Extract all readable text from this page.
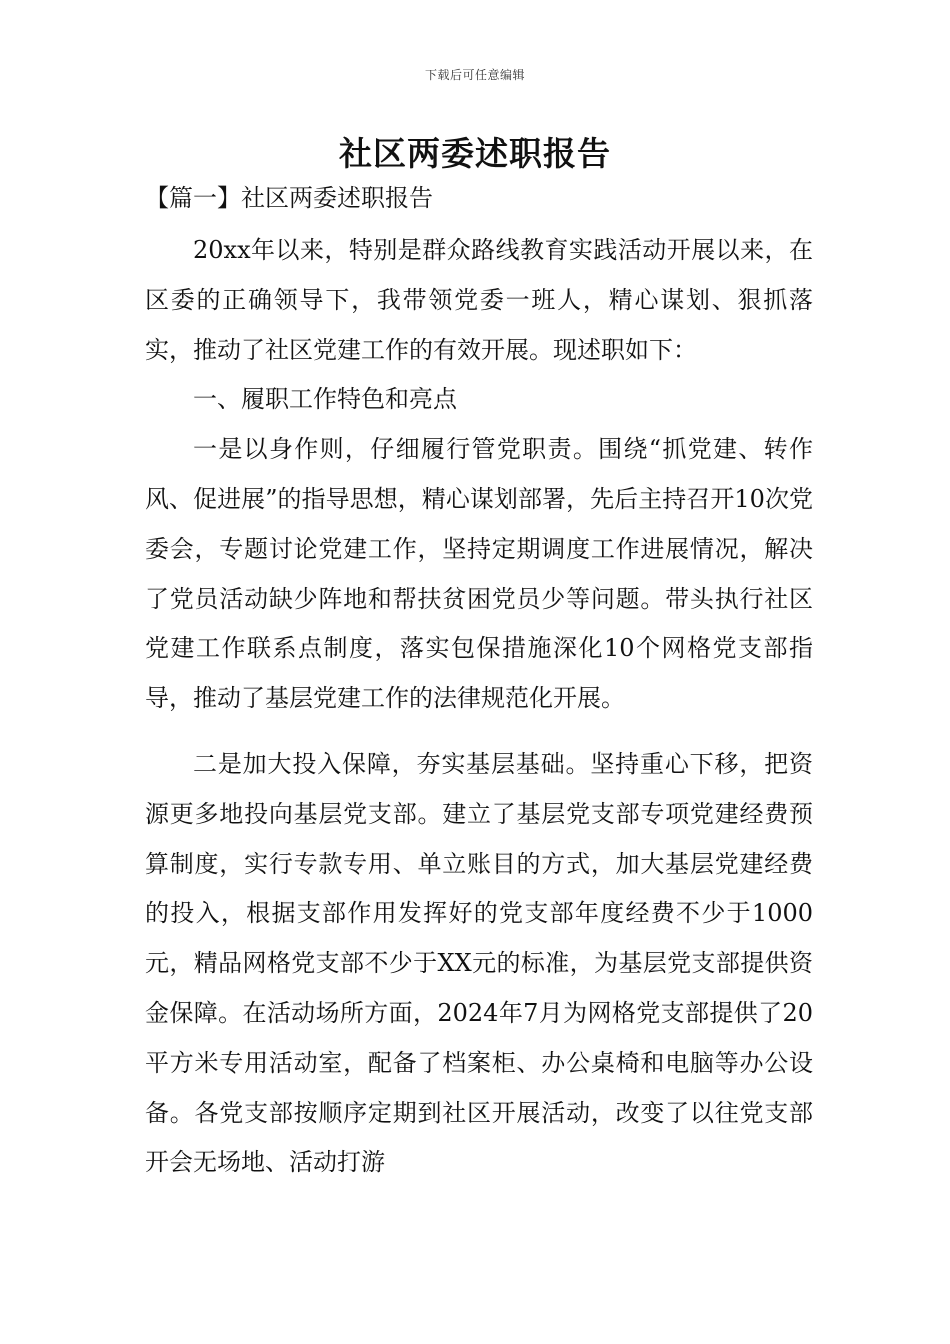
下载后可任意编辑
社区两委述职报告

【篇一】社区两委述职报告

20xx年以来，特别是群众路线教育实践活动开展以来，在区委的正确领导下，我带领党委一班人，精心谋划、狠抓落实，推动了社区党建工作的有效开展。现述职如下：

一、履职工作特色和亮点

一是以身作则，仔细履行管党职责。围绕“抓党建、转作风、促进展”的指导思想，精心谋划部署，先后主持召开10次党委会，专题讨论党建工作，坚持定期调度工作进展情况，解决了党员活动缺少阵地和帮扶贫困党员少等问题。带头执行社区党建工作联系点制度，落实包保措施深化10个网格党支部指导，推动了基层党建工作的法律规范化开展。

二是加大投入保障，夯实基层基础。坚持重心下移，把资源更多地投向基层党支部。建立了基层党支部专项党建经费预算制度，实行专款专用、单立账目的方式，加大基层党建经费的投入，根据支部作用发挥好的党支部年度经费不少于1000元，精品网格党支部不少于XX元的标准，为基层党支部提供资金保障。在活动场所方面，2024年7月为网格党支部提供了20平方米专用活动室，配备了档案柜、办公桌椅和电脑等办公设备。各党支部按顺序定期到社区开展活动，改变了以往党支部开会无场地、活动打游
